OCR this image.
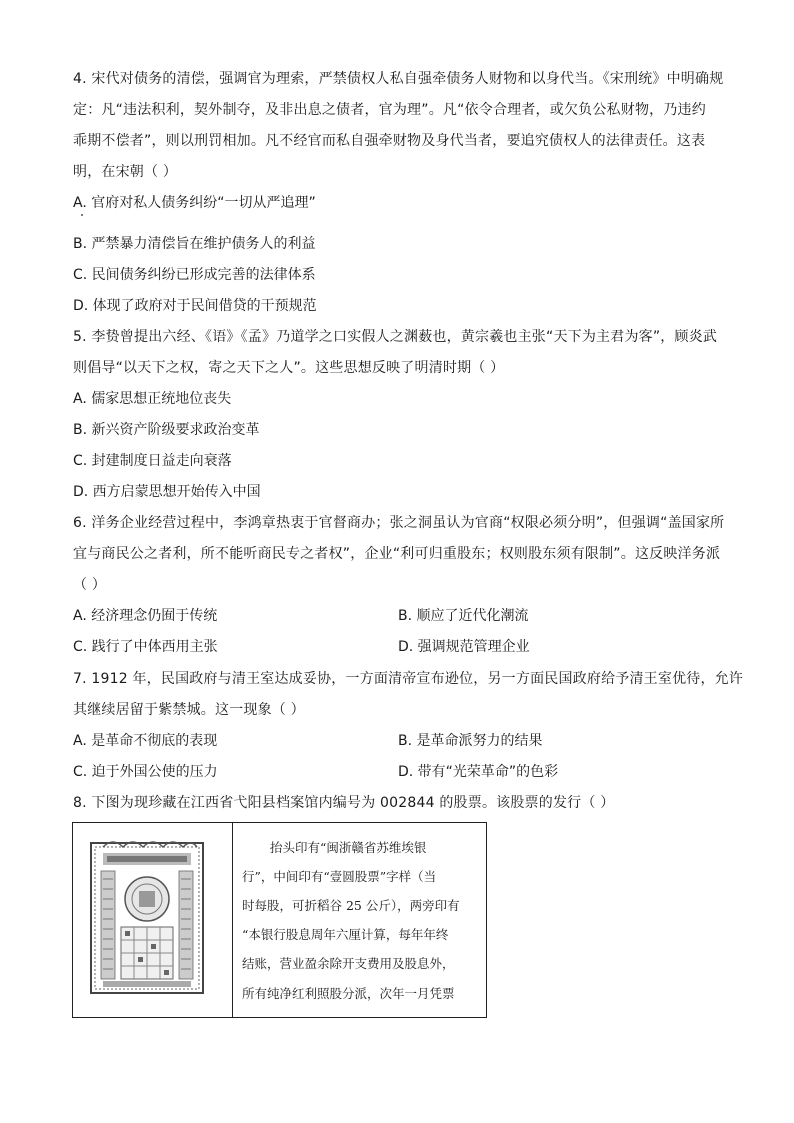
4. 宋代对债务的清偿，强调官为理索，严禁债权人私自强牵债务人财物和以身代当。《宋刑统》中明确规
定：凡“违法积利，契外制夺，及非出息之债者，官为理”。凡“依令合理者，或欠负公私财物，乃违约
乖期不偿者”，则以刑罚相加。凡不经官而私自强牵财物及身代当者，要追究债权人的法律责任。这表
明，在宋朝（ ）
A. 官府对私人债务纠纷“一切从严追理”
B. 严禁暴力清偿旨在维护债务人的利益
C. 民间债务纠纷已形成完善的法律体系
D. 体现了政府对于民间借贷的干预规范
5. 李贽曾提出六经、《语》《孟》乃道学之口实假人之渊薮也，黄宗羲也主张“天下为主君为客”，顾炎武
则倡导“以天下之权，寄之天下之人”。这些思想反映了明清时期（ ）
A. 儒家思想正统地位丧失
B. 新兴资产阶级要求政治变革
C. 封建制度日益走向衰落
D. 西方启蒙思想开始传入中国
6. 洋务企业经营过程中，李鸿章热衷于官督商办；张之洞虽认为官商“权限必须分明”，但强调“盖国家所
宜与商民公之者利，所不能听商民专之者权”，企业“利可归重股东；权则股东须有限制”。这反映洋务派
（ ）
A. 经济理念仍囿于传统	B. 顺应了近代化潮流
C. 践行了中体西用主张	D. 强调规范管理企业
7. 1912 年，民国政府与清王室达成妥协，一方面清帝宣布逊位，另一方面民国政府给予清王室优待，允许
其继续居留于紫禁城。这一现象（ ）
A. 是革命不彻底的表现	B. 是革命派努力的结果
C. 迫于外国公使的压力	D. 带有“光荣革命”的色彩
8. 下图为现珍藏在江西省弋阳县档案馆内编号为 002844 的股票。该股票的发行（ ）
抬头印有“闽浙赣省苏维埃银
行”，中间印有“壹圆股票”字样（当
时每股，可折稻谷 25 公斤），两旁印有
“本银行股息周年六厘计算，每年年终
结账，营业盈余除开支费用及股息外，
所有纯净红利照股分派，次年一月凭票
